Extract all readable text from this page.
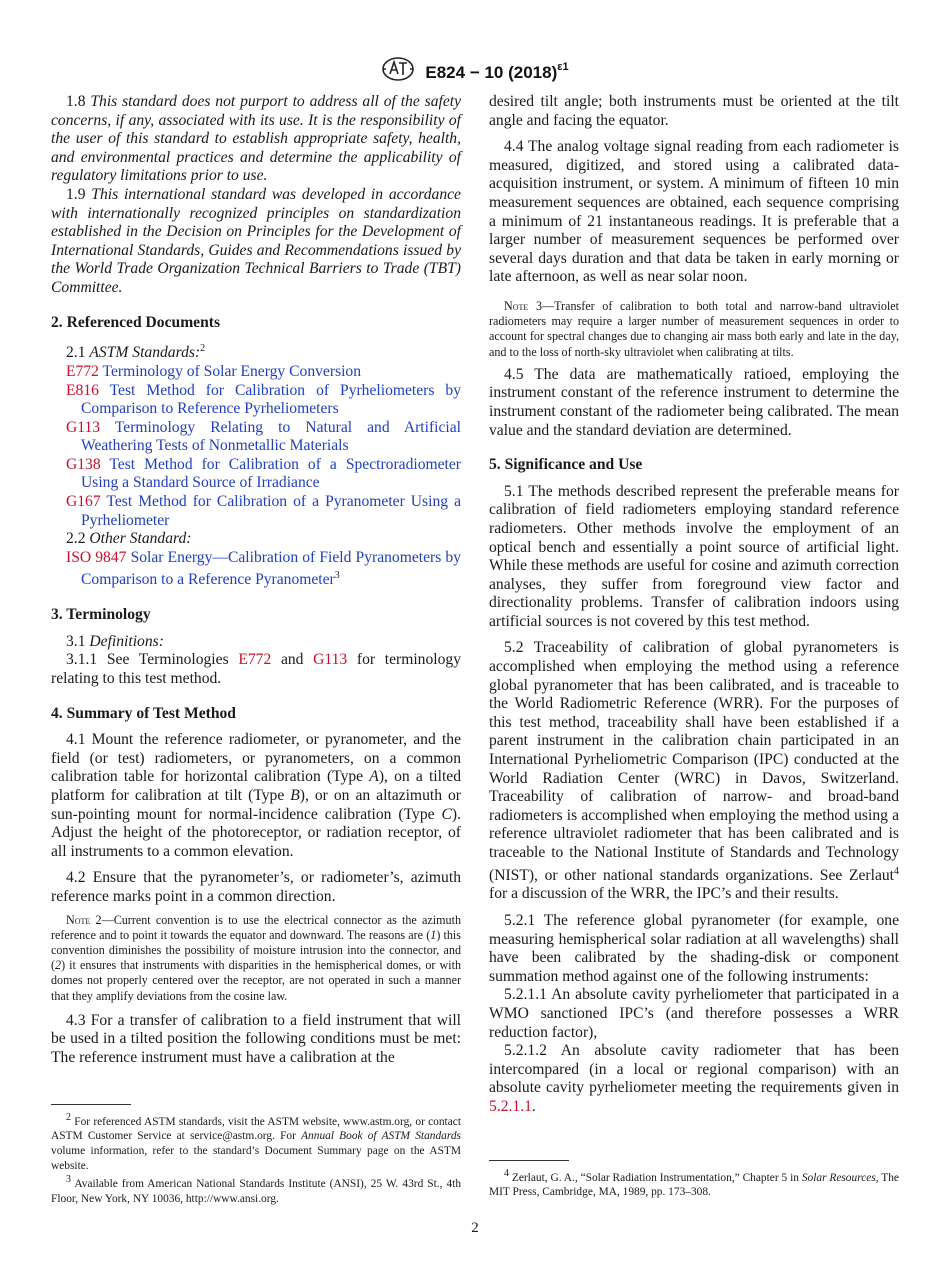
E824 − 10 $(2018)^{\varepsilon 1}$

1.8 This standard does not purport to address all of the safety concerns, if any, associated with its use. It is the responsibility of the user of this standard to establish appropriate safety, health, and environmental practices and determine the applicability of regulatory limitations prior to use.

1.9 This international standard was developed in accordance with internationally recognized principles on standardization established in the Decision on Principles for the Development of International Standards, Guides and Recommendations issued by the World Trade Organization Technical Barriers to Trade (TBT) Committee.

2. Referenced Documents

2.1 ASTM Standards:$^2$

E772 Terminology of Solar Energy Conversion

E816 Test Method for Calibration of Pyrheliometers by Comparison to Reference Pyrheliometers

G113 Terminology Relating to Natural and Artificial Weathering Tests of Nonmetallic Materials

G138 Test Method for Calibration of a Spectroradiometer Using a Standard Source of Irradiance

G167 Test Method for Calibration of a Pyranometer Using a Pyrheliometer

2.2 Other Standard:

ISO 9847 Solar Energy—Calibration of Field Pyranometers by Comparison to a Reference Pyranometer$^3$

3. Terminology

3.1 Definitions:

3.1.1 See Terminologies E772 and G113 for terminology relating to this test method.

4. Summary of Test Method

4.1 Mount the reference radiometer, or pyranometer, and the field (or test) radiometers, or pyranometers, on a common calibration table for horizontal calibration (Type A), on a tilted platform for calibration at tilt (Type B), or on an altazimuth or sun-pointing mount for normal-incidence calibration (Type C). Adjust the height of the photoreceptor, or radiation receptor, of all instruments to a common elevation.

4.2 Ensure that the pyranometer’s, or radiometer’s, azimuth reference marks point in a common direction.

Note 2—Current convention is to use the electrical connector as the azimuth reference and to point it towards the equator and downward. The reasons are (1) this convention diminishes the possibility of moisture intrusion into the connector, and (2) it ensures that instruments with disparities in the hemispherical domes, or with domes not properly centered over the receptor, are not operated in such a manner that they amplify deviations from the cosine law.

4.3 For a transfer of calibration to a field instrument that will be used in a tilted position the following conditions must be met: The reference instrument must have a calibration at the

desired tilt angle; both instruments must be oriented at the tilt angle and facing the equator.

4.4 The analog voltage signal reading from each radiometer is measured, digitized, and stored using a calibrated data-acquisition instrument, or system. A minimum of fifteen 10 min measurement sequences are obtained, each sequence comprising a minimum of 21 instantaneous readings. It is preferable that a larger number of measurement sequences be performed over several days duration and that data be taken in early morning or late afternoon, as well as near solar noon.

Note 3—Transfer of calibration to both total and narrow-band ultraviolet radiometers may require a larger number of measurement sequences in order to account for spectral changes due to changing air mass both early and late in the day, and to the loss of north-sky ultraviolet when calibrating at tilts.

4.5 The data are mathematically ratioed, employing the instrument constant of the reference instrument to determine the instrument constant of the radiometer being calibrated. The mean value and the standard deviation are determined.

5. Significance and Use

5.1 The methods described represent the preferable means for calibration of field radiometers employing standard reference radiometers. Other methods involve the employment of an optical bench and essentially a point source of artificial light. While these methods are useful for cosine and azimuth correction analyses, they suffer from foreground view factor and directionality problems. Transfer of calibration indoors using artificial sources is not covered by this test method.

5.2 Traceability of calibration of global pyranometers is accomplished when employing the method using a reference global pyranometer that has been calibrated, and is traceable to the World Radiometric Reference (WRR). For the purposes of this test method, traceability shall have been established if a parent instrument in the calibration chain participated in an International Pyrheliometric Comparison (IPC) conducted at the World Radiation Center (WRC) in Davos, Switzerland. Traceability of calibration of narrow- and broad-band radiometers is accomplished when employing the method using a reference ultraviolet radiometer that has been calibrated and is traceable to the National Institute of Standards and Technology (NIST), or other national standards organizations. See Zerlaut$^4$ for a discussion of the WRR, the IPC’s and their results.

5.2.1 The reference global pyranometer (for example, one measuring hemispherical solar radiation at all wavelengths) shall have been calibrated by the shading-disk or component summation method against one of the following instruments:

5.2.1.1 An absolute cavity pyrheliometer that participated in a WMO sanctioned IPC’s (and therefore possesses a WRR reduction factor),

5.2.1.2 An absolute cavity radiometer that has been intercompared (in a local or regional comparison) with an absolute cavity pyrheliometer meeting the requirements given in 5.2.1.1.

$^2$ For referenced ASTM standards, visit the ASTM website, www.astm.org, or contact ASTM Customer Service at service@astm.org. For Annual Book of ASTM Standards volume information, refer to the standard’s Document Summary page on the ASTM website.

$^3$ Available from American National Standards Institute (ANSI), 25 W. 43rd St., 4th Floor, New York, NY 10036, http://www.ansi.org.

$^4$ Zerlaut, G. A., “Solar Radiation Instrumentation,” Chapter 5 in Solar Resources, The MIT Press, Cambridge, MA, 1989, pp. 173–308.

2
